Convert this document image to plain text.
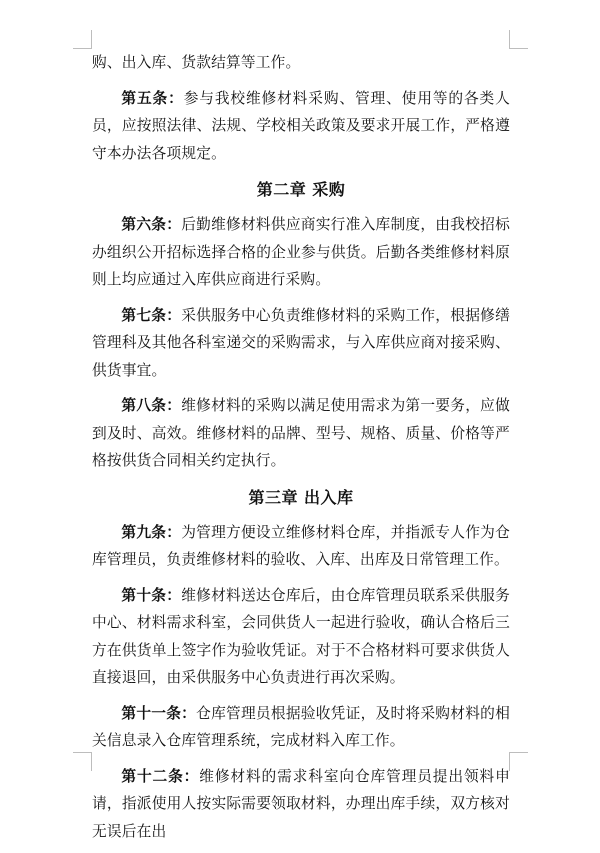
购、出入库、货款结算等工作。

第五条：参与我校维修材料采购、管理、使用等的各类人员，应按照法律、法规、学校相关政策及要求开展工作，严格遵守本办法各项规定。

第二章 采购

第六条：后勤维修材料供应商实行准入库制度，由我校招标办组织公开招标选择合格的企业参与供货。后勤各类维修材料原则上均应通过入库供应商进行采购。

第七条：采供服务中心负责维修材料的采购工作，根据修缮管理科及其他各科室递交的采购需求，与入库供应商对接采购、供货事宜。

第八条：维修材料的采购以满足使用需求为第一要务，应做到及时、高效。维修材料的品牌、型号、规格、质量、价格等严格按供货合同相关约定执行。

第三章 出入库

第九条：为管理方便设立维修材料仓库，并指派专人作为仓库管理员，负责维修材料的验收、入库、出库及日常管理工作。

第十条：维修材料送达仓库后，由仓库管理员联系采供服务中心、材料需求科室，会同供货人一起进行验收，确认合格后三方在供货单上签字作为验收凭证。对于不合格材料可要求供货人直接退回，由采供服务中心负责进行再次采购。

第十一条：仓库管理员根据验收凭证，及时将采购材料的相关信息录入仓库管理系统，完成材料入库工作。

第十二条：维修材料的需求科室向仓库管理员提出领料申请，指派使用人按实际需要领取材料，办理出库手续，双方核对无误后在出
